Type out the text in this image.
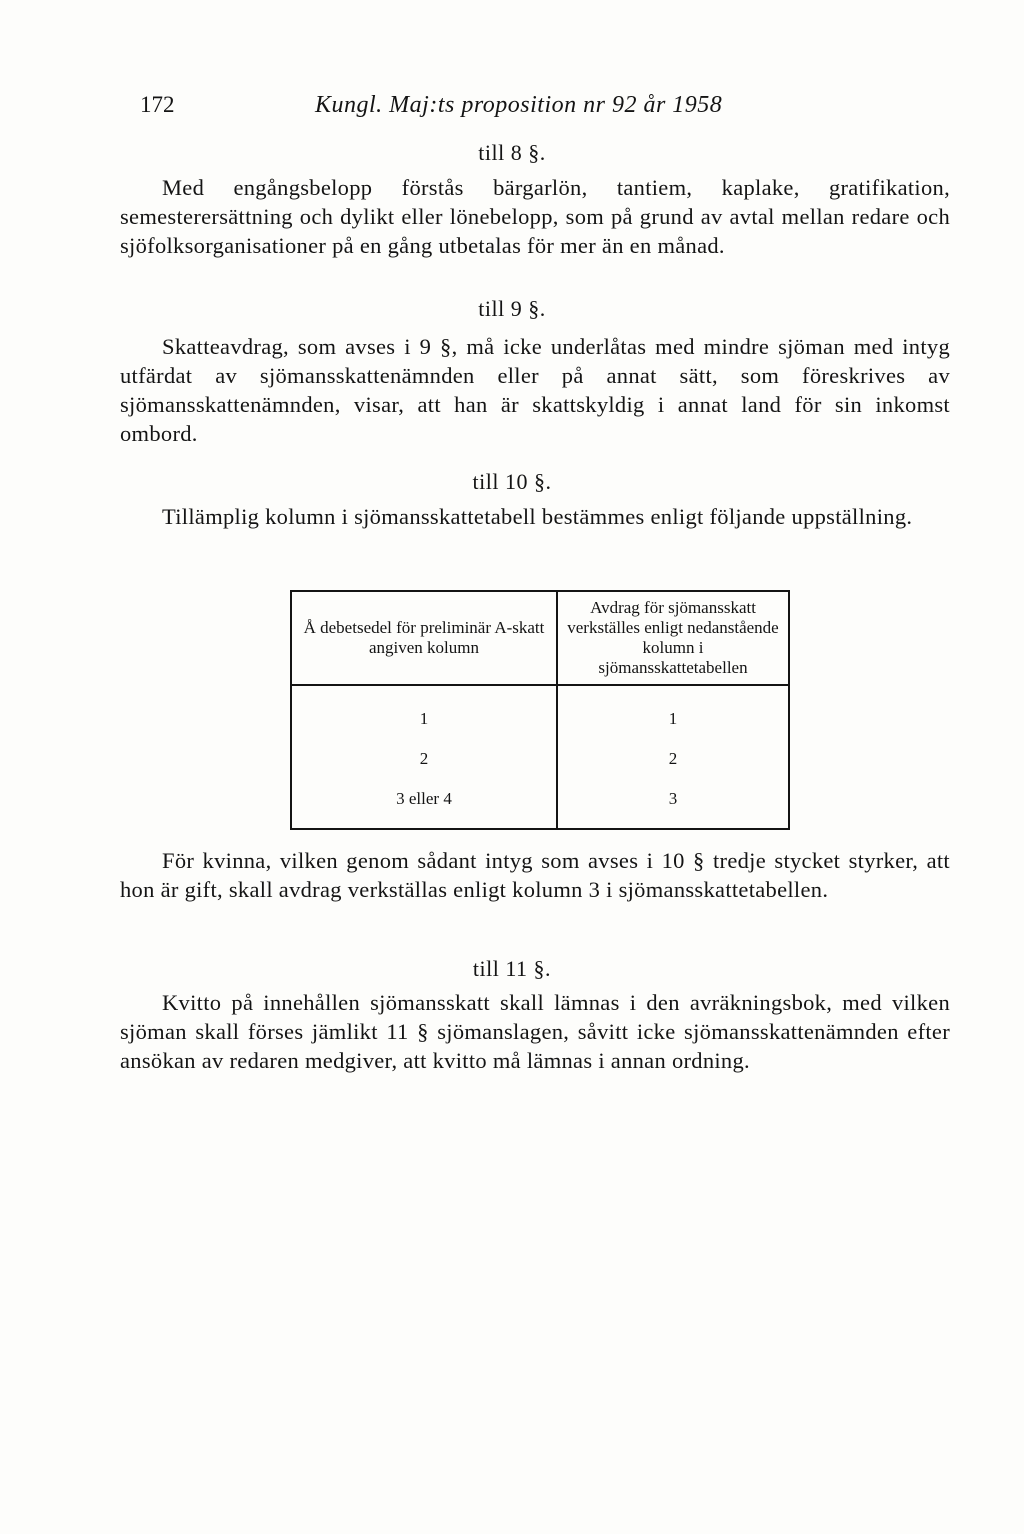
172	Kungl. Maj:ts proposition nr 92 år 1958
till 8 §.

Med engångsbelopp förstås bärgarlön, tantiem, kaplake, gratifikation, semesterersättning och dylikt eller lönebelopp, som på grund av avtal mellan redare och sjöfolksorganisationer på en gång utbetalas för mer än en månad.

till 9 §.

Skatteavdrag, som avses i 9 §, må icke underlåtas med mindre sjöman med intyg utfärdat av sjömansskattenämnden eller på annat sätt, som föreskrives av sjömansskattenämnden, visar, att han är skattskyldig i annat land för sin inkomst ombord.

till 10 §.

Tillämplig kolumn i sjömansskattetabell bestämmes enligt följande uppställning.

Å debetsedel för preliminär A-skatt angiven kolumn	Avdrag för sjömansskatt verkställes enligt nedanstående kolumn i sjömansskattetabellen
1	1
2	2
3 eller 4	3

För kvinna, vilken genom sådant intyg som avses i 10 § tredje stycket styrker, att hon är gift, skall avdrag verkställas enligt kolumn 3 i sjömansskattetabellen.

till 11 §.

Kvitto på innehållen sjömansskatt skall lämnas i den avräkningsbok, med vilken sjöman skall förses jämlikt 11 § sjömanslagen, såvitt icke sjömansskattenämnden efter ansökan av redaren medgiver, att kvitto må lämnas i annan ordning.
